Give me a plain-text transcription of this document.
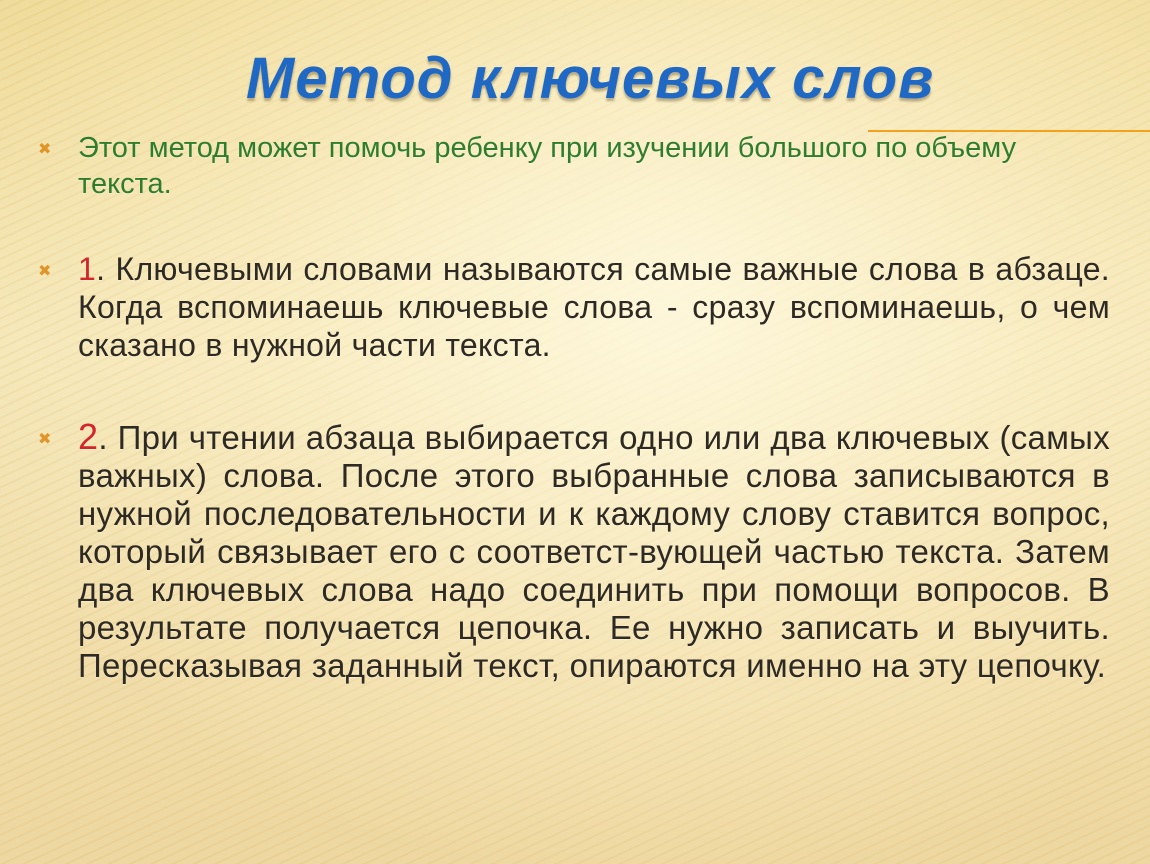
Метод ключевых слов
✖ Этот метод может помочь ребенку при изучении большого по объему текста.

✖ 1. Ключевыми словами называются самые важные слова в абзаце. Когда вспоминаешь ключевые слова - сразу вспоминаешь, о чем сказано в нужной части текста.

✖ 2. При чтении абзаца выбирается одно или два ключевых (самых важных) слова. После этого выбранные слова записываются в нужной последовательности и к каждому слову ставится вопрос, который связывает его с соответст-вующей частью текста. Затем два ключевых слова надо соединить при помощи вопросов. В результате получается цепочка. Ее нужно записать и выучить. Пересказывая заданный текст, опираются именно на эту цепочку.
